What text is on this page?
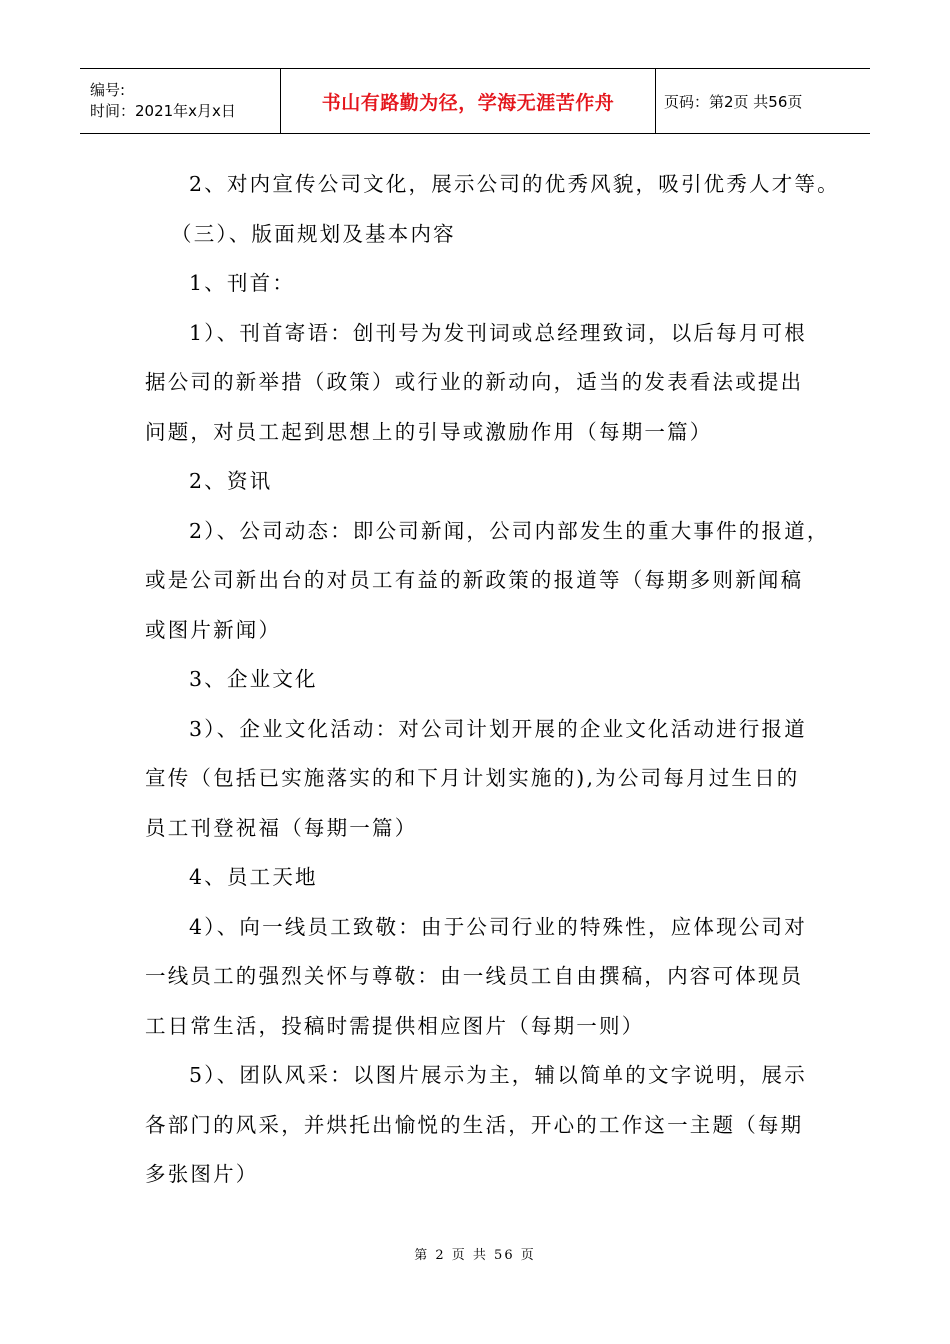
编号:
时间：2021年x月x日	书山有路勤为径，学海无涯苦作舟	页码：第2页 共56页
2、对内宣传公司文化，展示公司的优秀风貌，吸引优秀人才等。
（三）、版面规划及基本内容
1、刊首：
1）、刊首寄语：创刊号为发刊词或总经理致词，以后每月可根
据公司的新举措（政策）或行业的新动向，适当的发表看法或提出
问题，对员工起到思想上的引导或激励作用（每期一篇）
2、资讯
2）、公司动态：即公司新闻，公司内部发生的重大事件的报道，
或是公司新出台的对员工有益的新政策的报道等（每期多则新闻稿
或图片新闻）
3、企业文化
3）、企业文化活动：对公司计划开展的企业文化活动进行报道
宣传（包括已实施落实的和下月计划实施的),为公司每月过生日的
员工刊登祝福（每期一篇）
4、员工天地
4）、向一线员工致敬：由于公司行业的特殊性，应体现公司对
一线员工的强烈关怀与尊敬：由一线员工自由撰稿，内容可体现员
工日常生活，投稿时需提供相应图片（每期一则）
5）、团队风采：以图片展示为主，辅以简单的文字说明，展示
各部门的风采，并烘托出愉悦的生活，开心的工作这一主题（每期
多张图片）
第 2 页 共 56 页
